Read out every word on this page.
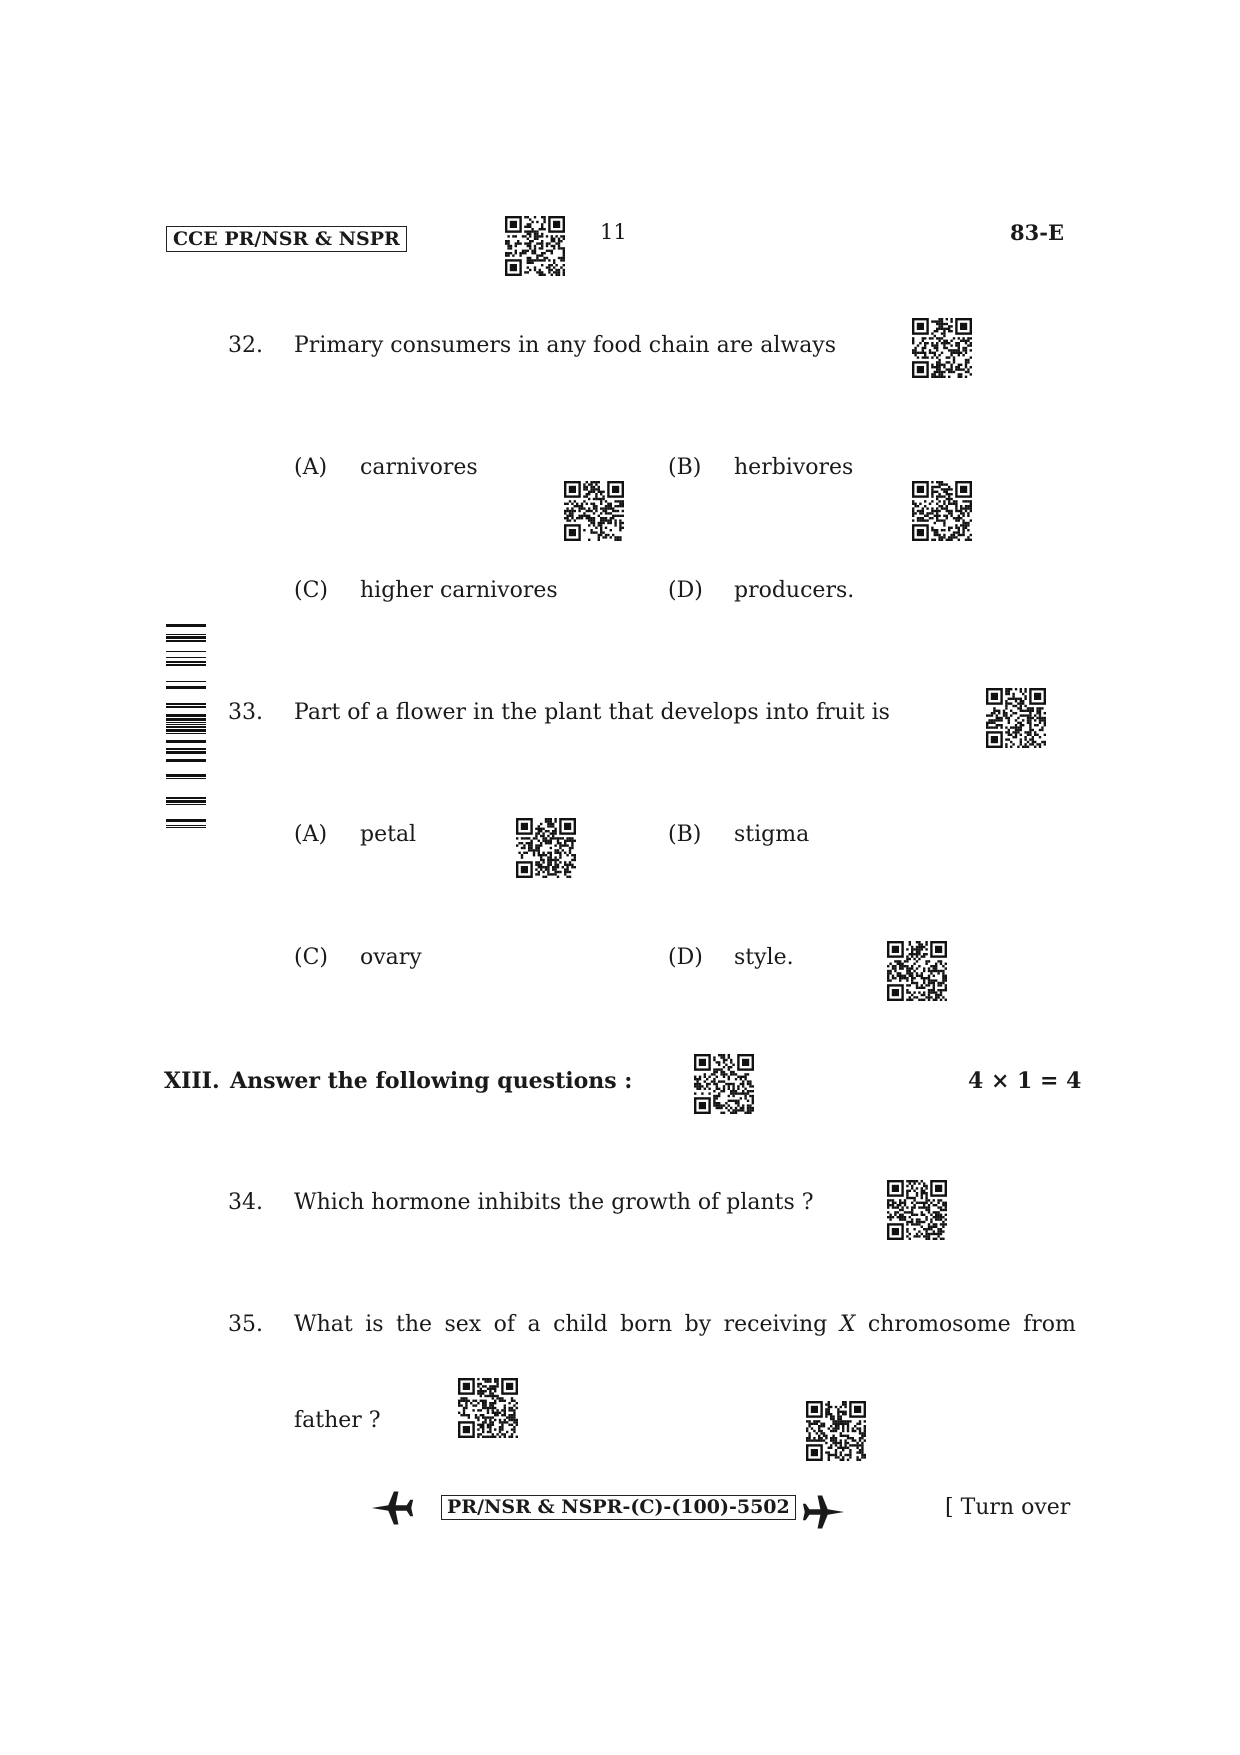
CCE PR/NSR & NSPR	11	83-E
32. Primary consumers in any food chain are always
(A) carnivores	(B) herbivores
(C) higher carnivores	(D) producers.
33. Part of a flower in the plant that develops into fruit is
(A) petal	(B) stigma
(C) ovary	(D) style.
XIII. Answer the following questions :	4 × 1 = 4
34. Which hormone inhibits the growth of plants ?
35. What is the sex of a child born by receiving X chromosome from
father ?
PR/NSR & NSPR-(C)-(100)-5502	[ Turn over
